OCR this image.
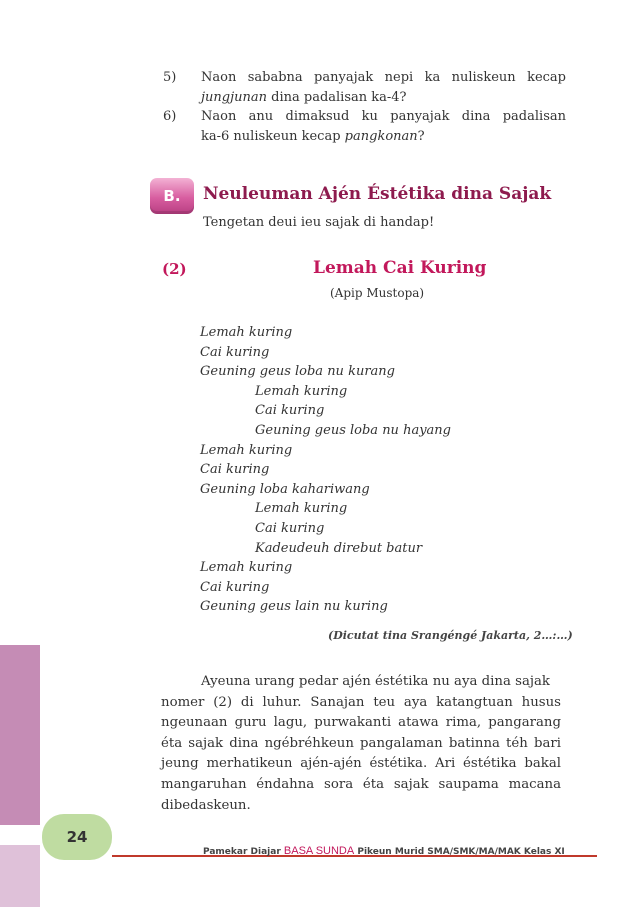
5) Naon sababna panyajak nepi ka nuliskeun kecap
jungjunan dina padalisan ka-4?
6) Naon anu dimaksud ku panyajak dina padalisan
ka-6 nuliskeun kecap pangkonan?
B.	Neuleuman Ajén Éstétika dina Sajak
Tengetan deui ieu sajak di handap!
(2)	Lemah Cai Kuring
(Apip Mustopa)
Lemah kuring
Cai kuring
Geuning geus loba nu kurang
Lemah kuring
Cai kuring
Geuning geus loba nu hayang
Lemah kuring
Cai kuring
Geuning loba kahariwang
Lemah kuring
Cai kuring
Kadeudeuh direbut batur
Lemah kuring
Cai kuring
Geuning geus lain nu kuring
(Dicutat tina Srangéngé Jakarta, 2…:…)
Ayeuna urang pedar ajén éstétika nu aya dina sajak
nomer (2) di luhur. Sanajan teu aya katangtuan husus ngeunaan guru lagu, purwakanti atawa rima, pangarang éta sajak dina ngébréhkeun pangalaman batinna téh bari jeung merhatikeun ajén-ajén éstétika. Ari éstétika bakal mangaruhan éndahna sora éta sajak saupama macana dibedaskeun.
24
Pamekar Diajar BASA SUNDA Pikeun Murid SMA/SMK/MA/MAK Kelas XI
